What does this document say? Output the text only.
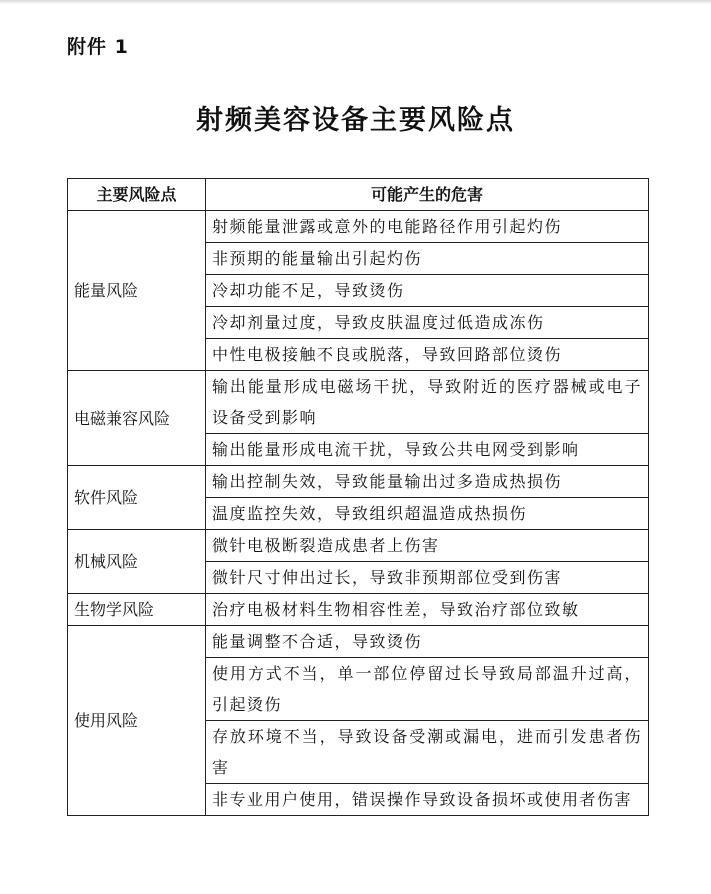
附件 1
射频美容设备主要风险点
主要风险点	可能产生的危害
能量风险	射频能量泄露或意外的电能路径作用引起灼伤
	非预期的能量输出引起灼伤
	冷却功能不足，导致烫伤
	冷却剂量过度，导致皮肤温度过低造成冻伤
	中性电极接触不良或脱落，导致回路部位烫伤
电磁兼容风险	输出能量形成电磁场干扰，导致附近的医疗器械或电子设备受到影响
	输出能量形成电流干扰，导致公共电网受到影响
软件风险	输出控制失效，导致能量输出过多造成热损伤
	温度监控失效，导致组织超温造成热损伤
机械风险	微针电极断裂造成患者上伤害
	微针尺寸伸出过长，导致非预期部位受到伤害
生物学风险	治疗电极材料生物相容性差，导致治疗部位致敏
使用风险	能量调整不合适，导致烫伤
	使用方式不当，单一部位停留过长导致局部温升过高，引起烫伤
	存放环境不当，导致设备受潮或漏电，进而引发患者伤害
	非专业用户使用，错误操作导致设备损坏或使用者伤害
